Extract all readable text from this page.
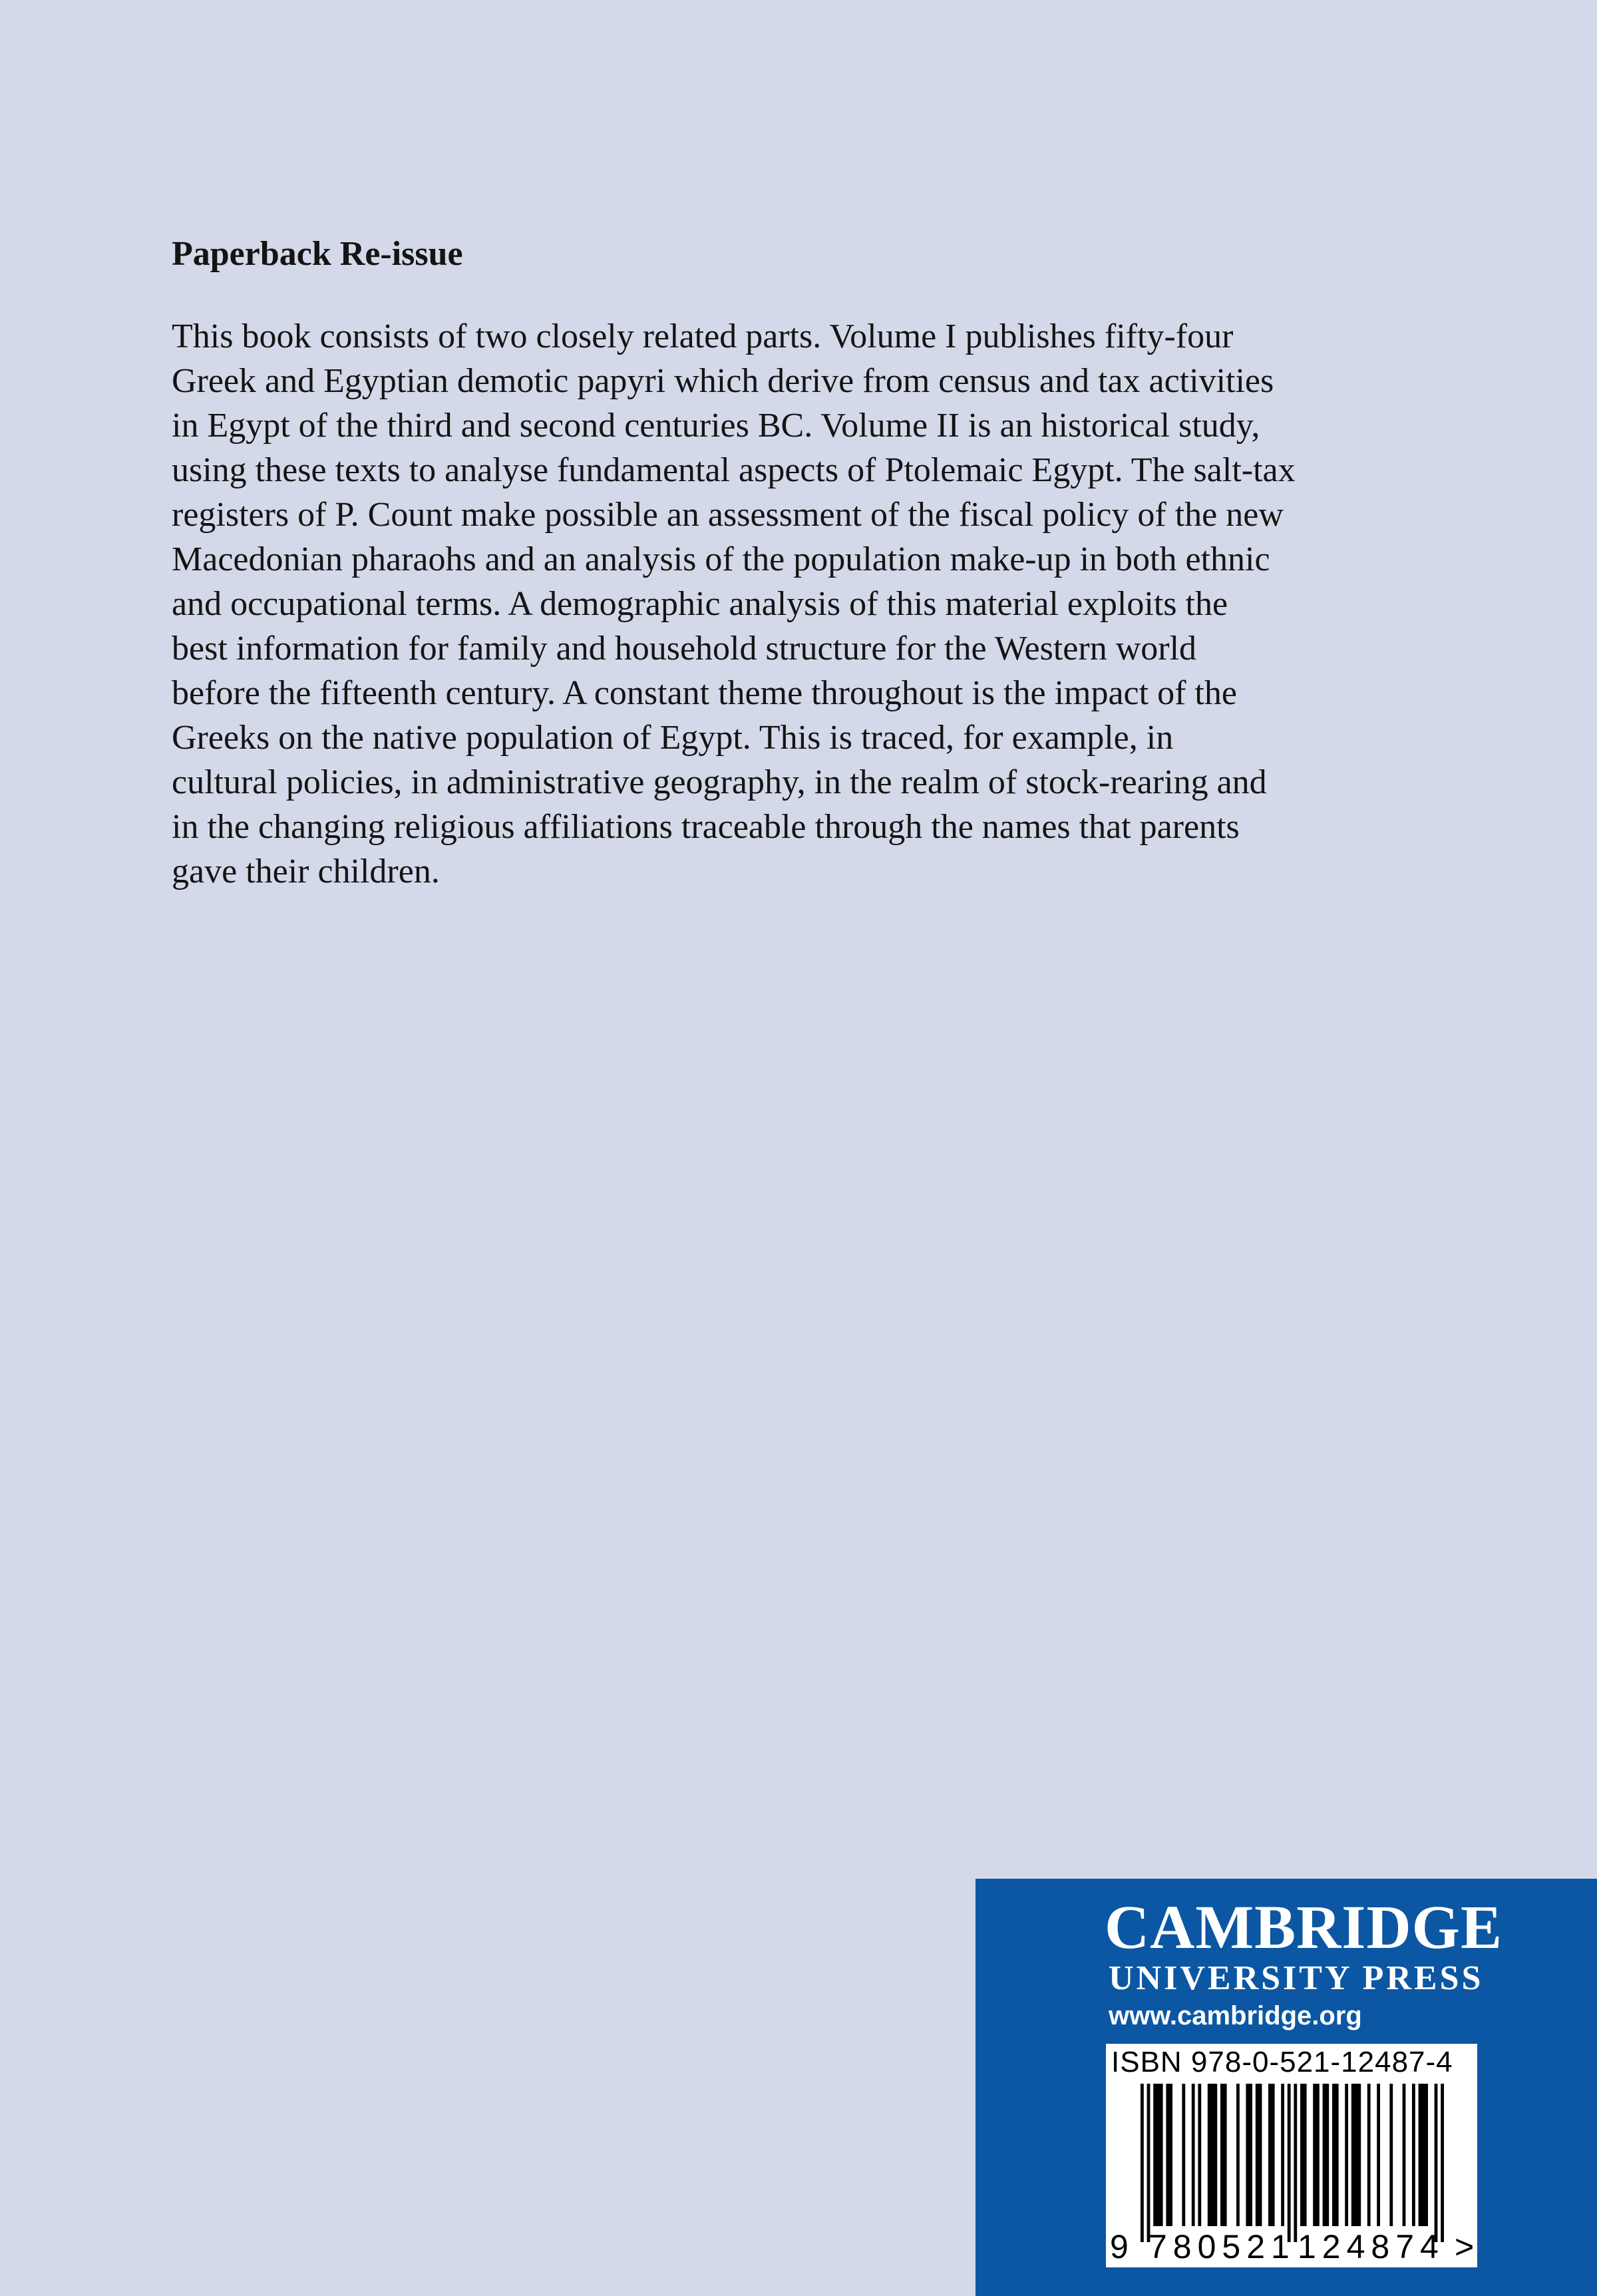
Paperback Re-issue
This book consists of two closely related parts. Volume I publishes fifty-four
Greek and Egyptian demotic papyri which derive from census and tax activities
in Egypt of the third and second centuries BC. Volume II is an historical study,
using these texts to analyse fundamental aspects of Ptolemaic Egypt. The salt-tax
registers of P. Count make possible an assessment of the fiscal policy of the new
Macedonian pharaohs and an analysis of the population make-up in both ethnic
and occupational terms. A demographic analysis of this material exploits the
best information for family and household structure for the Western world
before the fifteenth century. A constant theme throughout is the impact of the
Greeks on the native population of Egypt. This is traced, for example, in
cultural policies, in administrative geography, in the realm of stock-rearing and
in the changing religious affiliations traceable through the names that parents
gave their children.
CAMBRIDGE
UNIVERSITY PRESS
www.cambridge.org
ISBN 978-0-521-12487-4
9 780521 124874 >
